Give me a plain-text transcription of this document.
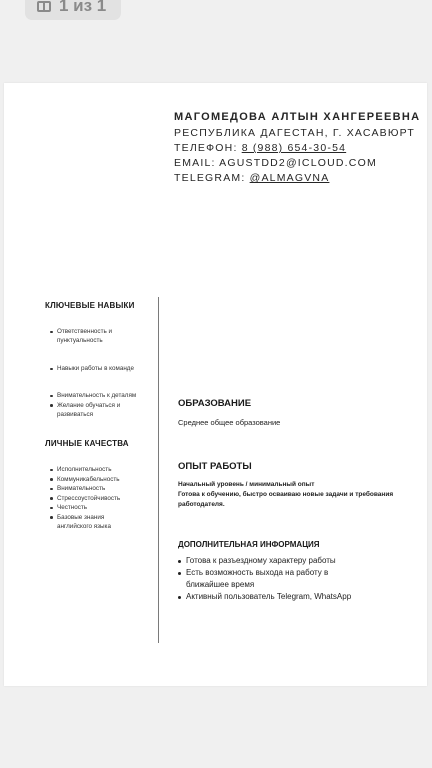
1 из 1
МАГОМЕДОВА АЛТЫН ХАНГЕРЕЕВНА
РЕСПУБЛИКА ДАГЕСТАН, Г. ХАСАВЮРТ
ТЕЛЕФОН: 8 (988) 654-30-54
EMAIL: AGUSTDD2@ICLOUD.COM
TELEGRAM: @ALMAGVNA
КЛЮЧЕВЫЕ НАВЫКИ
Ответственность и
пунктуальность
Навыки работы в команде
Внимательность к деталям
Желание обучаться и
развиваться
ЛИЧНЫЕ КАЧЕСТВА
Исполнительность
Коммуникабельность
Внимательность
Стрессоустойчивость
Честность
Базовые знания
английского языка
ОБРАЗОВАНИЕ
Среднее общее образование
ОПЫТ РАБОТЫ
Начальный уровень / минимальный опыт
Готова к обучению, быстро осваиваю новые задачи и требования
работодателя.
ДОПОЛНИТЕЛЬНАЯ ИНФОРМАЦИЯ
Готова к разъездному характеру работы
Есть возможность выхода на работу в
ближайшее время
Активный пользователь Telegram, WhatsApp
